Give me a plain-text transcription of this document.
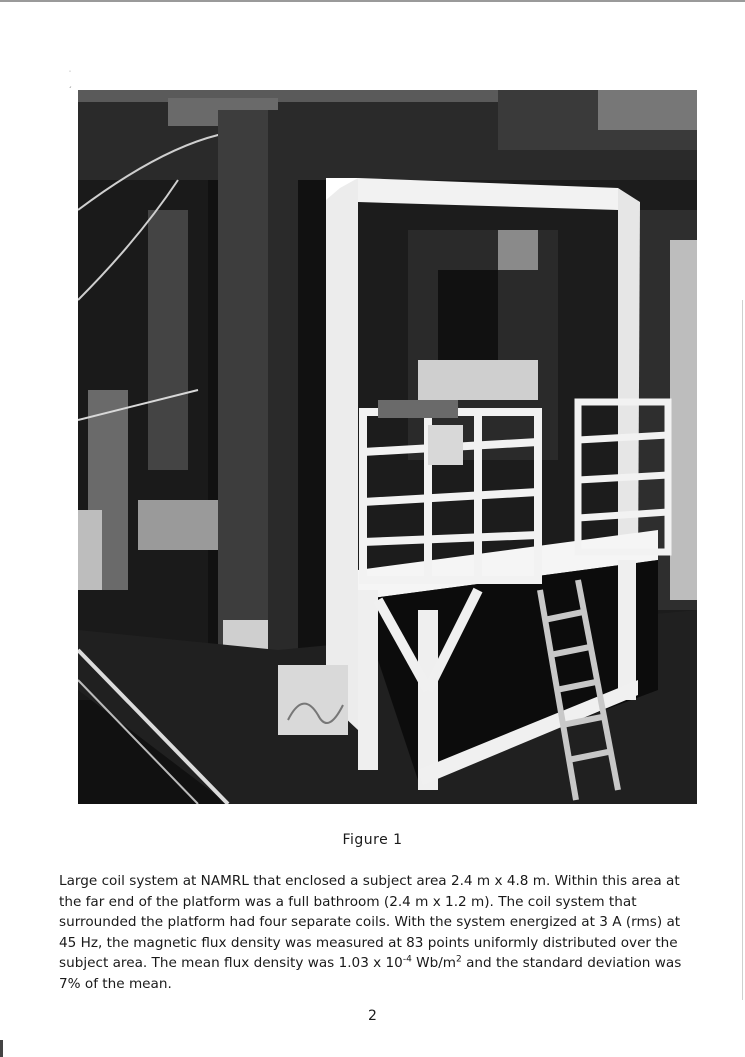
˙ ˏ
Figure 1

Large coil system at NAMRL that enclosed a subject area 2.4 m x 4.8 m. Within this area at the far end of the platform was a full bathroom (2.4 m x 1.2 m). The coil system that surrounded the platform had four separate coils. With the system energized at 3 A (rms) at 45 Hz, the magnetic flux density was measured at 83 points uniformly distributed over the subject area. The mean flux density was 1.03 x $10^{-4}$ $Wb/m^2$ and the standard deviation was 7% of the mean.

2
